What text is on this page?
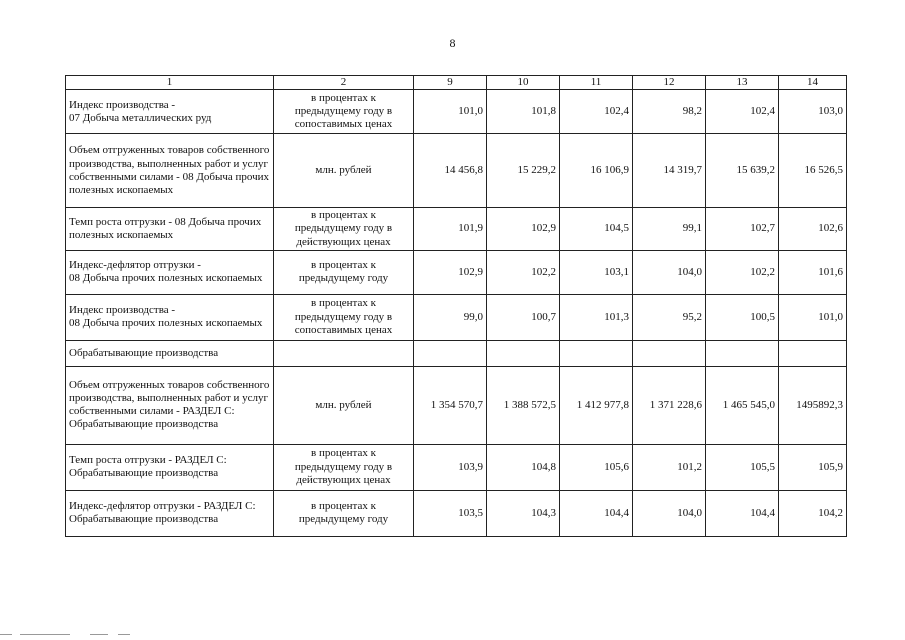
8
1	2	9	10	11	12	13	14
Индекс производства -
07 Добыча металлических руд	в процентах к предыдущему году в сопоставимых ценах	101,0	101,8	102,4	98,2	102,4	103,0
Объем отгруженных товаров собственного производства, выполненных работ и услуг собственными силами - 08 Добыча прочих полезных ископаемых	млн. рублей	14 456,8	15 229,2	16 106,9	14 319,7	15 639,2	16 526,5
Темп роста отгрузки - 08 Добыча прочих полезных ископаемых	в процентах к предыдущему году в действующих ценах	101,9	102,9	104,5	99,1	102,7	102,6
Индекс-дефлятор отгрузки -
08 Добыча прочих полезных ископаемых	в процентах к предыдущему году	102,9	102,2	103,1	104,0	102,2	101,6
Индекс производства -
08 Добыча прочих полезных ископаемых	в процентах к предыдущему году в сопоставимых ценах	99,0	100,7	101,3	95,2	100,5	101,0
Обрабатывающие производства							
Объем отгруженных товаров собственного производства, выполненных работ и услуг собственными силами - РАЗДЕЛ C: Обрабатывающие производства	млн. рублей	1 354 570,7	1 388 572,5	1 412 977,8	1 371 228,6	1 465 545,0	1495892,3
Темп роста отгрузки - РАЗДЕЛ C: Обрабатывающие производства	в процентах к предыдущему году в действующих ценах	103,9	104,8	105,6	101,2	105,5	105,9
Индекс-дефлятор отгрузки - РАЗДЕЛ C: Обрабатывающие производства	в процентах к предыдущему году	103,5	104,3	104,4	104,0	104,4	104,2
